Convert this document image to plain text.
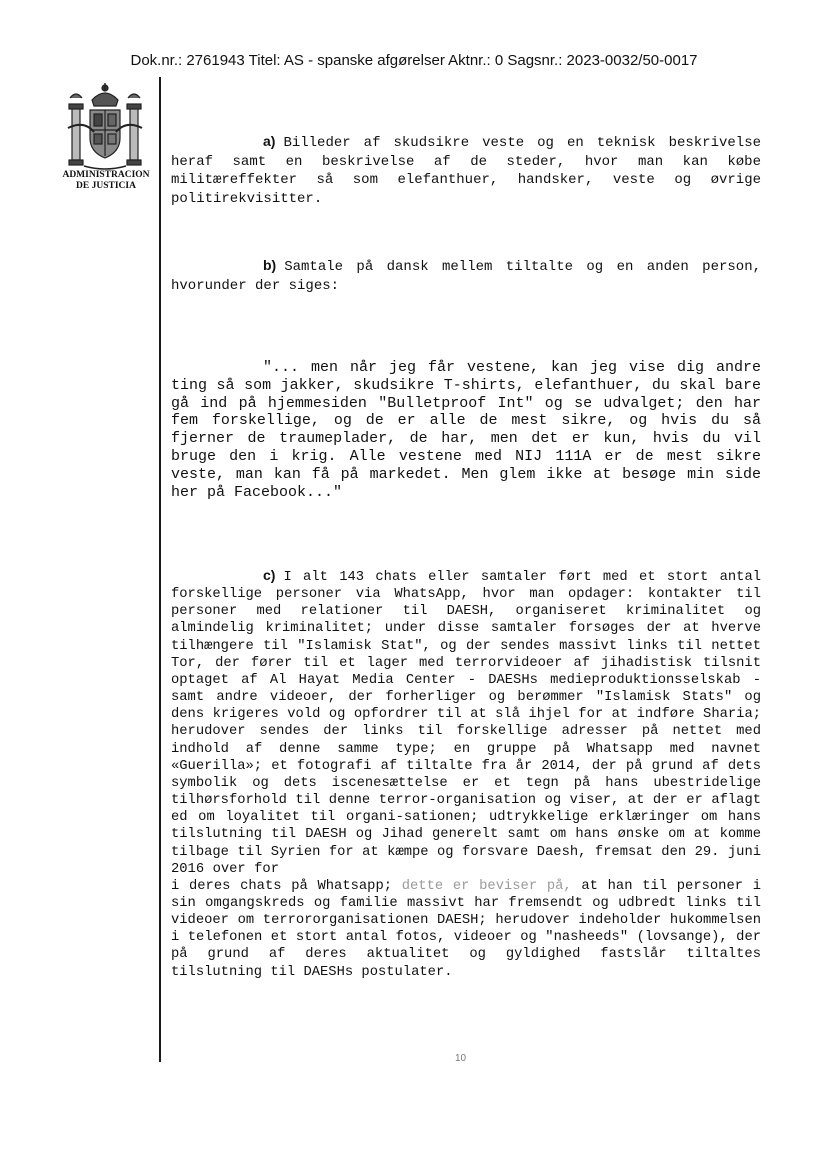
Dok.nr.: 2761943 Titel: AS - spanske afgørelser Aktnr.: 0 Sagsnr.: 2023-0032/50-0017
ADMINISTRACION
DE JUSTICIA
a) Billeder af skudsikre veste og en teknisk beskrivelse heraf samt en beskrivelse af de steder, hvor man kan købe militæreffekter så som elefanthuer, handsker, veste og øvrige politirekvisitter.
b) Samtale på dansk mellem tiltalte og en anden person, hvorunder der siges:
"... men når jeg får vestene, kan jeg vise dig andre ting så som jakker, skudsikre T-shirts, elefanthuer, du skal bare gå ind på hjemmesiden "Bulletproof Int" og se udvalget; den har fem forskellige, og de er alle de mest sikre, og hvis du så fjerner de traumeplader, de har, men det er kun, hvis du vil bruge den i krig. Alle vestene med NIJ 111A er de mest sikre veste, man kan få på markedet. Men glem ikke at besøge min side her på Facebook..."
c) I alt 143 chats eller samtaler ført med et stort antal forskellige personer via WhatsApp, hvor man opdager: kontakter til personer med relationer til DAESH, organiseret kriminalitet og almindelig kriminalitet; under disse samtaler forsøges der at hverve tilhængere til "Islamisk Stat", og der sendes massivt links til nettet Tor, der fører til et lager med terrorvideoer af jihadistisk tilsnit optaget af Al Hayat Media Center - DAESHs medieproduktionsselskab - samt andre videoer, der forherliger og berømmer "Islamisk Stats" og dens krigeres vold og opfordrer til at slå ihjel for at indføre Sharia; herudover sendes der links til forskellige adresser på nettet med indhold af denne samme type; en gruppe på Whatsapp med navnet «Guerilla»; et fotografi af tiltalte fra år 2014, der på grund af dets symbolik og dets iscenesættelse er et tegn på hans ubestridelige tilhørsforhold til denne terror-organisation og viser, at der er aflagt ed om loyalitet til organi-sationen; udtrykkelige erklæringer om hans tilslutning til DAESH og Jihad generelt samt om hans ønske om at komme tilbage til Syrien for at kæmpe og forsvare Daesh, fremsat den 29. juni 2016 over for                                                          i deres chats på Whatsapp; dette er beviser på, at han til personer i sin omgangskreds og familie massivt har fremsendt og udbredt links til videoer om terrororganisationen DAESH; herudover indeholder hukommelsen i telefonen et stort antal fotos, videoer og "nasheeds" (lovsange), der på grund af deres aktualitet og gyldighed fastslår tiltaltes tilslutning til DAESHs postulater.
10
